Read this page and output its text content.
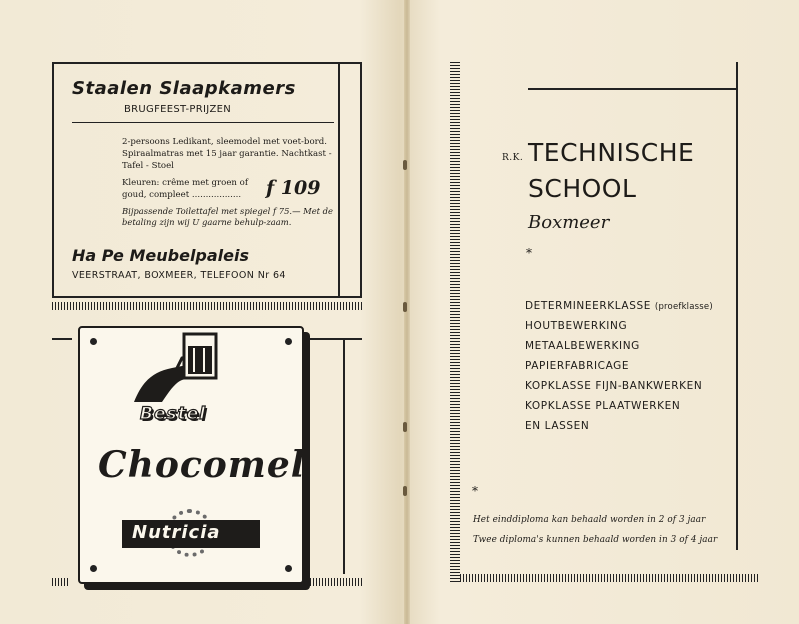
Staalen Slaapkamers
BRUGFEEST-PRIJZEN
2-persoons Ledikant, sleemodel met voet-bord. Spiraalmatras met 15 jaar garantie. Nachtkast - Tafel - Stoel
Kleuren: crême met groen of goud, compleet ..................	f 109
Bijpassende Toilettafel met spiegel f 75.— Met de betaling zijn wij U gaarne behulp-zaam.
Ha Pe Meubelpaleis
VEERSTRAAT, BOXMEER, TELEFOON Nr 64
Bestel
Chocomel
Nutricia
R.K. TECHNISCHE
SCHOOL
Boxmeer
*
DETERMINEERKLASSE (proefklasse)
HOUTBEWERKING
METAALBEWERKING
PAPIERFABRICAGE
KOPKLASSE FIJN-BANKWERKEN
KOPKLASSE PLAATWERKEN
EN LASSEN
*
Het einddiploma kan behaald worden in 2 of 3 jaar
Twee diploma's kunnen behaald worden in 3 of 4 jaar
